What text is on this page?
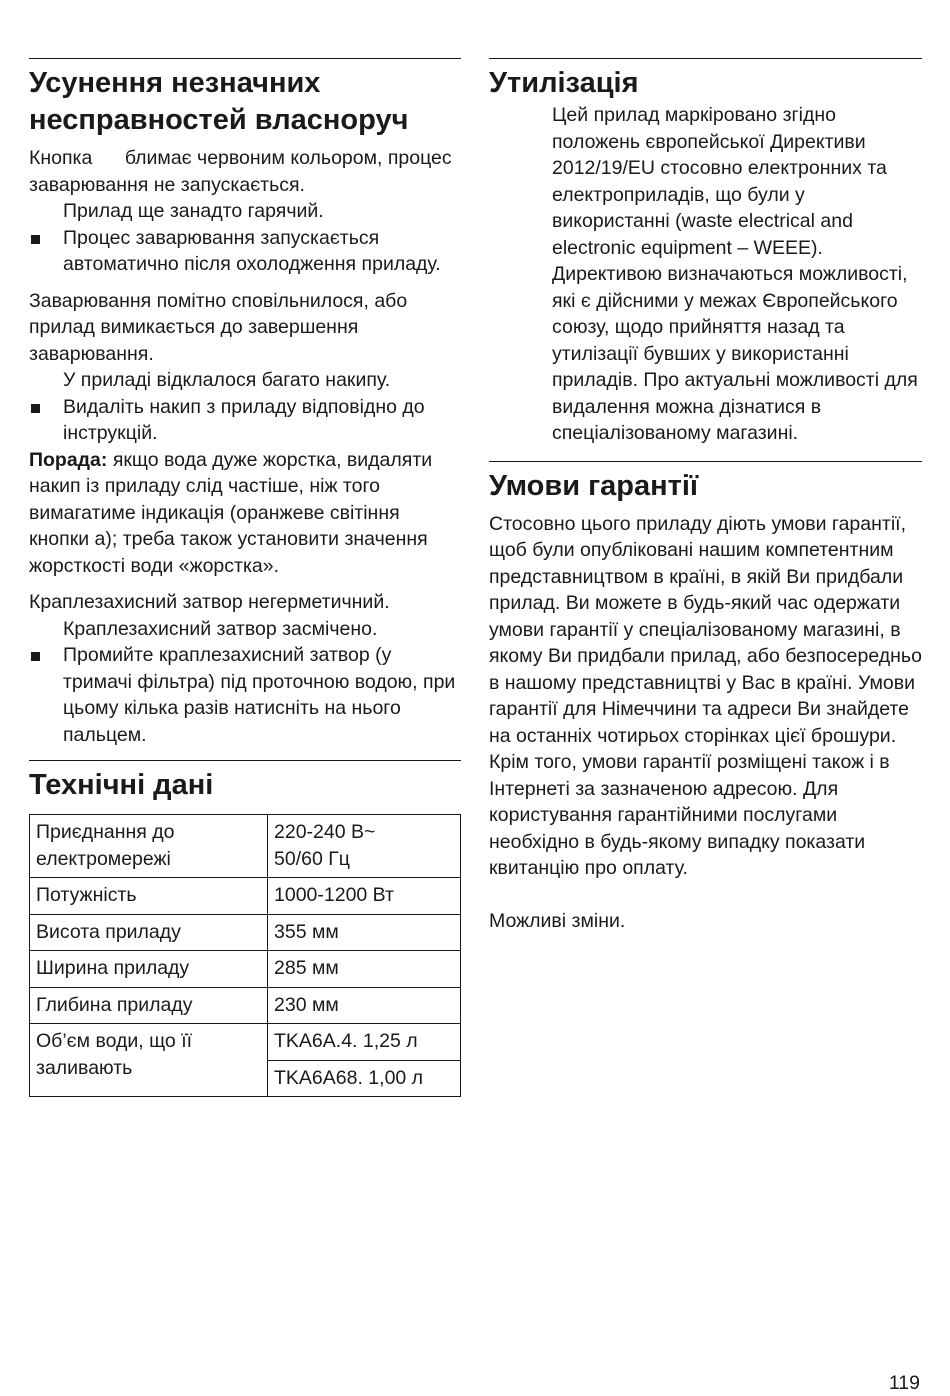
Усунення незначних несправностей власноруч

Кнопка блимає червоним кольором, процес заварювання не запускається.

Прилад ще занадто гарячий.

Процес заварювання запускається автоматично після охолодження приладу.

Заварювання помітно сповільнилося, або прилад вимикається до завершення заварювання.

У приладі відклалося багато накипу.

Видаліть накип з приладу відповідно до інструкцій.

Порада: якщо вода дуже жорстка, видаляти накип із приладу слід частіше, ніж того вимагатиме індикація (оранжеве світіння кнопки a); треба також установити значення жорсткості води «жорстка».

Краплезахисний затвор негерметичний.

Краплезахисний затвор засмічено.

Промийте краплезахисний затвор (у тримачі фільтра) під проточною водою, при цьому кілька разів натисніть на нього пальцем.

Технічні дані
Приєднання до електромережі	220-240 В~ 50/60 Гц
Потужність	1000-1200 Вт
Висота приладу	355 мм
Ширина приладу	285 мм
Глибина приладу	230 мм
Об’єм води, що її заливають	TKA6A.4. 1,25 л
	TKA6A68. 1,00 л
Утилізація

Цей прилад маркіровано згідно положень європейської Директиви 2012/19/EU стосовно електронних та електроприладів, що були у використанні (waste electrical and electronic equipment – WEEE). Директивою визначаються можливості, які є дійсними у межах Європейського союзу, щодо прийняття назад та утилізації бувших у використанні приладів. Про актуальні можливості для видалення можна дізнатися в спеціалізованому магазині.

Умови гарантії

Стосовно цього приладу діють умови гарантії, щоб були опубліковані нашим компетентним представництвом в країні, в якій Ви придбали прилад. Ви можете в будь-який час одержати умови гарантії у спеціалізованому магазині, в якому Ви придбали прилад, або безпосередньо в нашому представництві у Вас в країні. Умови гарантії для Німеччини та адреси Ви знайдете на останніх чотирьох сторінках цієї брошури. Крім того, умови гарантії розміщені також і в Інтернеті за зазначеною адресою. Для користування гарантійними послугами необхідно в будь-якому випадку показати квитанцію про оплату.

Можливі зміни.

119
